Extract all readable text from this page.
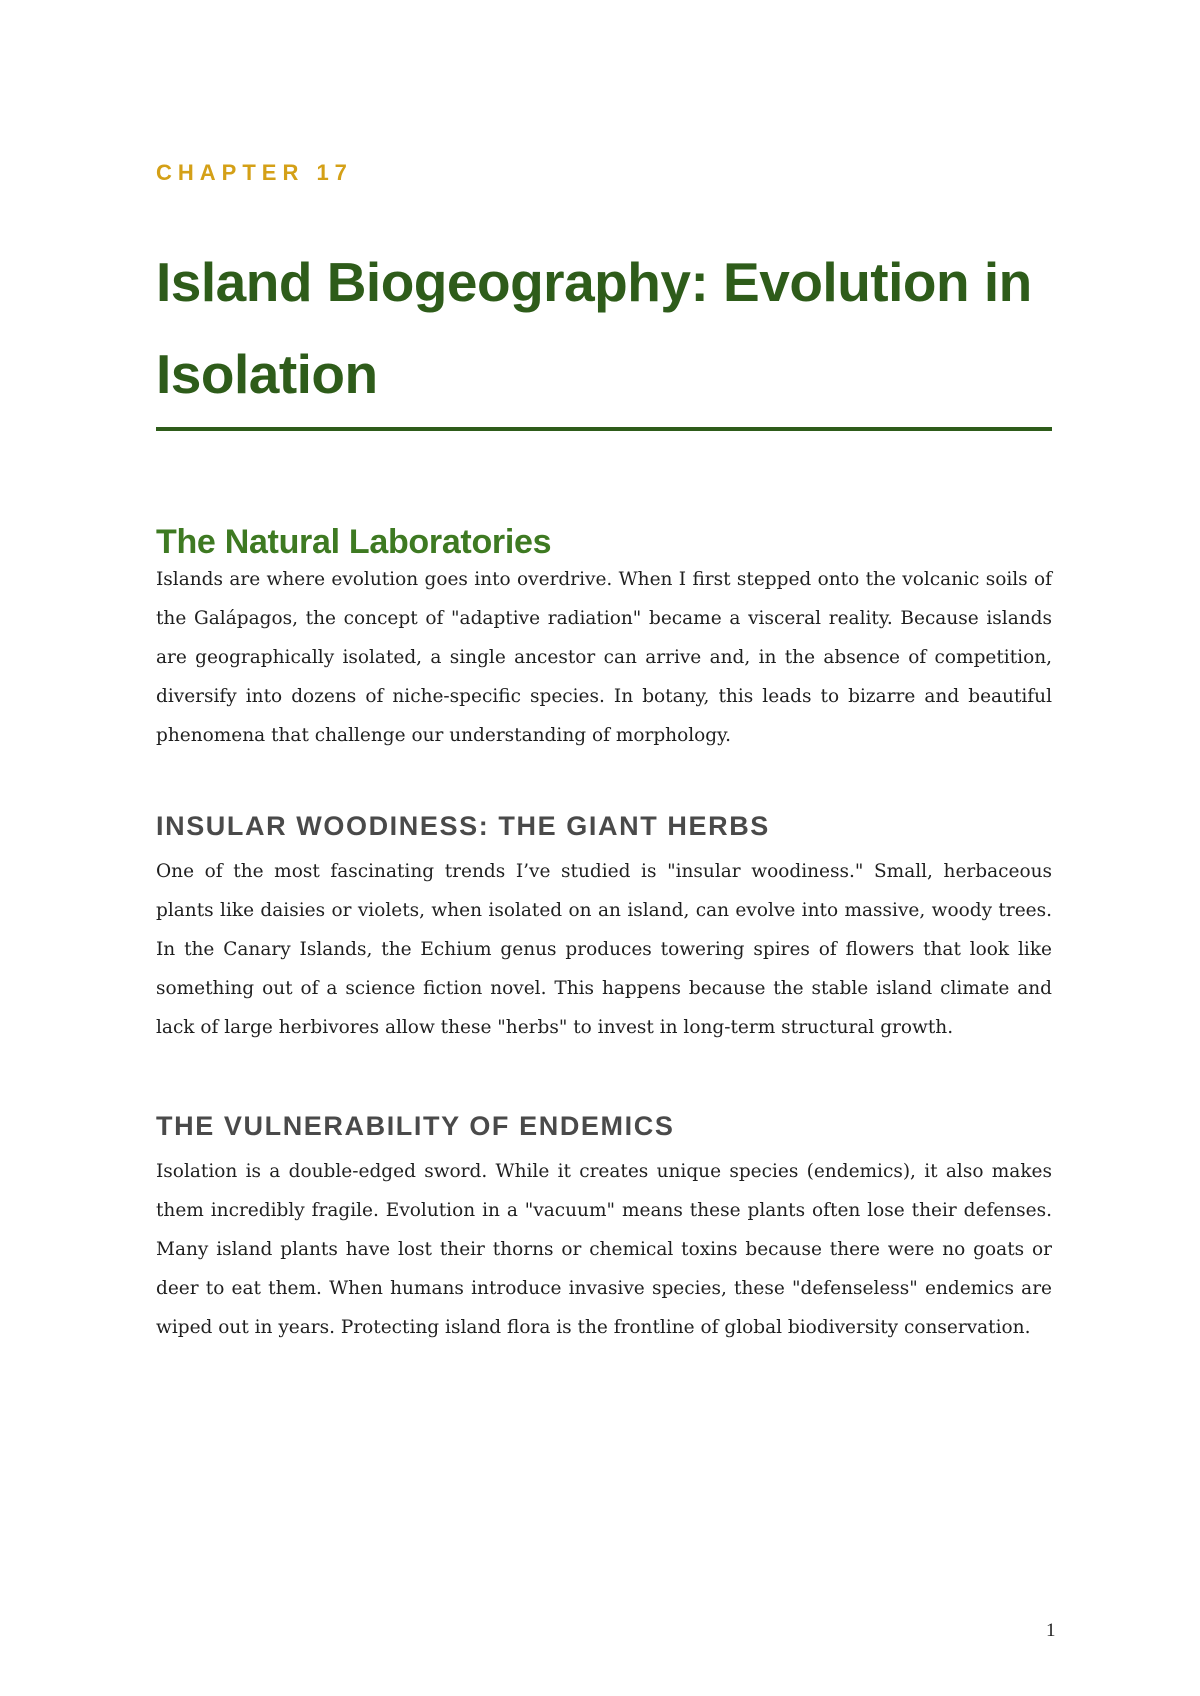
CHAPTER 17
Island Biogeography: Evolution in Isolation
The Natural Laboratories

Islands are where evolution goes into overdrive. When I first stepped onto the volcanic soils of the Galápagos, the concept of "adaptive radiation" became a visceral reality. Because islands are geographically isolated, a single ancestor can arrive and, in the absence of competition, diversify into dozens of niche-specific species. In botany, this leads to bizarre and beautiful phenomena that challenge our understanding of morphology.

INSULAR WOODINESS: THE GIANT HERBS

One of the most fascinating trends I’ve studied is "insular woodiness." Small, herbaceous plants like daisies or violets, when isolated on an island, can evolve into massive, woody trees. In the Canary Islands, the Echium genus produces towering spires of flowers that look like something out of a science fiction novel. This happens because the stable island climate and lack of large herbivores allow these "herbs" to invest in long-term structural growth.

THE VULNERABILITY OF ENDEMICS

Isolation is a double-edged sword. While it creates unique species (endemics), it also makes them incredibly fragile. Evolution in a "vacuum" means these plants often lose their defenses. Many island plants have lost their thorns or chemical toxins because there were no goats or deer to eat them. When humans introduce invasive species, these "defenseless" endemics are wiped out in years. Protecting island flora is the frontline of global biodiversity conservation.

1
